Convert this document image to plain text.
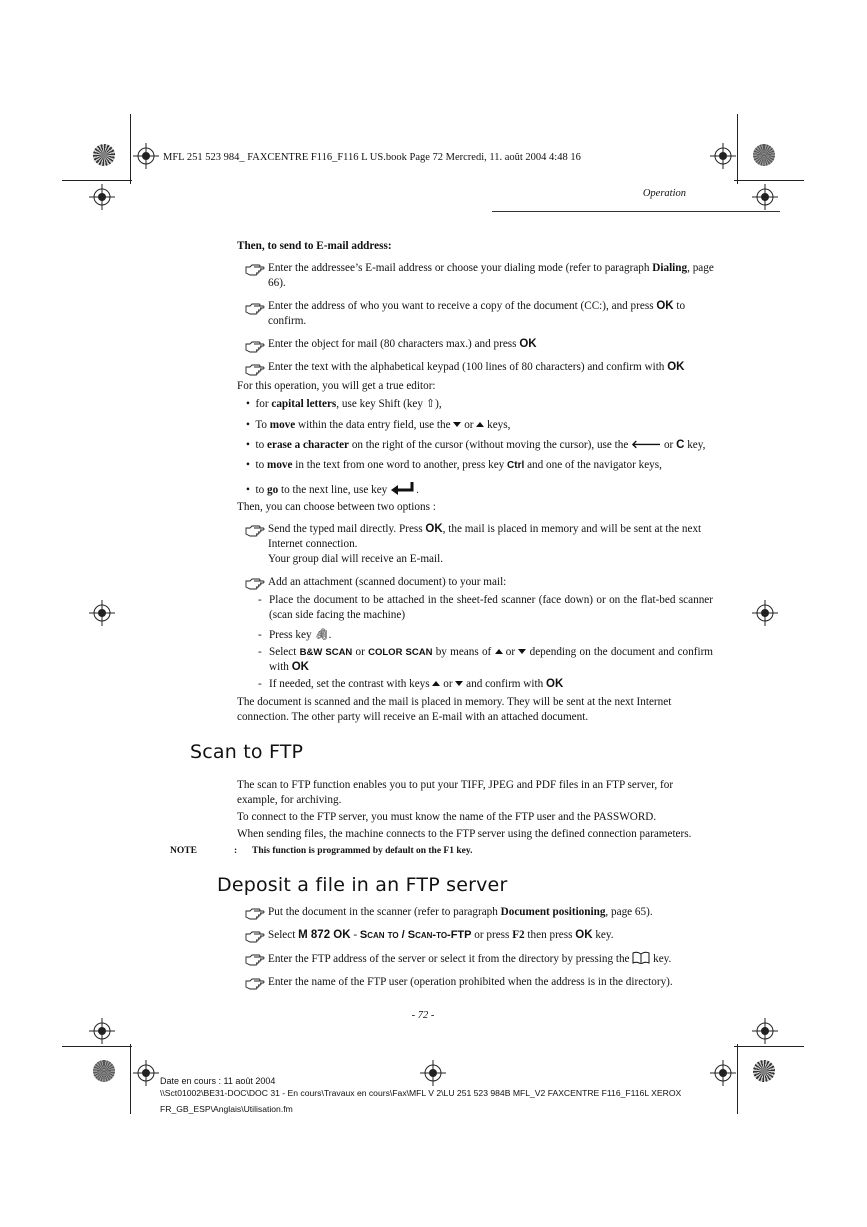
MFL 251 523 984_ FAXCENTRE F116_F116 L US.book Page 72 Mercredi, 11. août 2004 4:48 16
Operation
Then, to send to E-mail address:
Enter the addressee’s E-mail address or choose your dialing mode (refer to paragraph Dialing, page 66).
Enter the address of who you want to receive a copy of the document (CC:), and press OK to confirm.
Enter the object for mail (80 characters max.) and press OK
Enter the text with the alphabetical keypad (100 lines of 80 characters) and confirm with OK
For this operation, you will get a true editor:
•  for capital letters, use key Shift (key ⇧),
•  To move within the data entry field, use the  or  keys,
•  to erase a character on the right of the cursor (without moving the cursor), use the 🡐 or C key,
•  to move in the text from one word to another, press key Ctrl and one of the navigator keys,
•  to go to the next line, use key .
Then, you can choose between two options :
Send the typed mail directly. Press OK, the mail is placed in memory and will be sent at the next Internet connection.
Your group dial will receive an E-mail.
Add an attachment (scanned document) to your mail:
- Place the document to be attached in the sheet-fed scanner (face down) or on the flat-bed scanner (scan side facing the machine)
- Press key 🖇.
- Select B&W SCAN or COLOR SCAN by means of  or  depending on the document and confirm with OK
- If needed, set the contrast with keys  or  and confirm with OK
The document is scanned and the mail is placed in memory. They will be sent at the next Internet connection. The other party will receive an E-mail with an attached document.
Scan to FTP
The scan to FTP function enables you to put your TIFF, JPEG and PDF files in an FTP server, for example, for archiving.
To connect to the FTP server, you must know the name of the FTP user and the PASSWORD.
When sending files, the machine connects to the FTP server using the defined connection parameters.
NOTE	: This function is programmed by default on the F1 key.
Deposit a file in an FTP server
Put the document in the scanner (refer to paragraph Document positioning, page 65).
Select M 872 OK - Scan to / Scan-to-FTP or press F2 then press OK key.
Enter the FTP address of the server or select it from the directory by pressing the  key.
Enter the name of the FTP user (operation prohibited when the address is in the directory).
- 72 -
Date en cours : 11 août 2004
\\Sct01002\BE31-DOC\DOC 31 - En cours\Travaux en cours\Fax\MFL V 2\LU 251 523 984B MFL_V2 FAXCENTRE F116_F116L XEROX
FR_GB_ESP\Anglais\Utilisation.fm
